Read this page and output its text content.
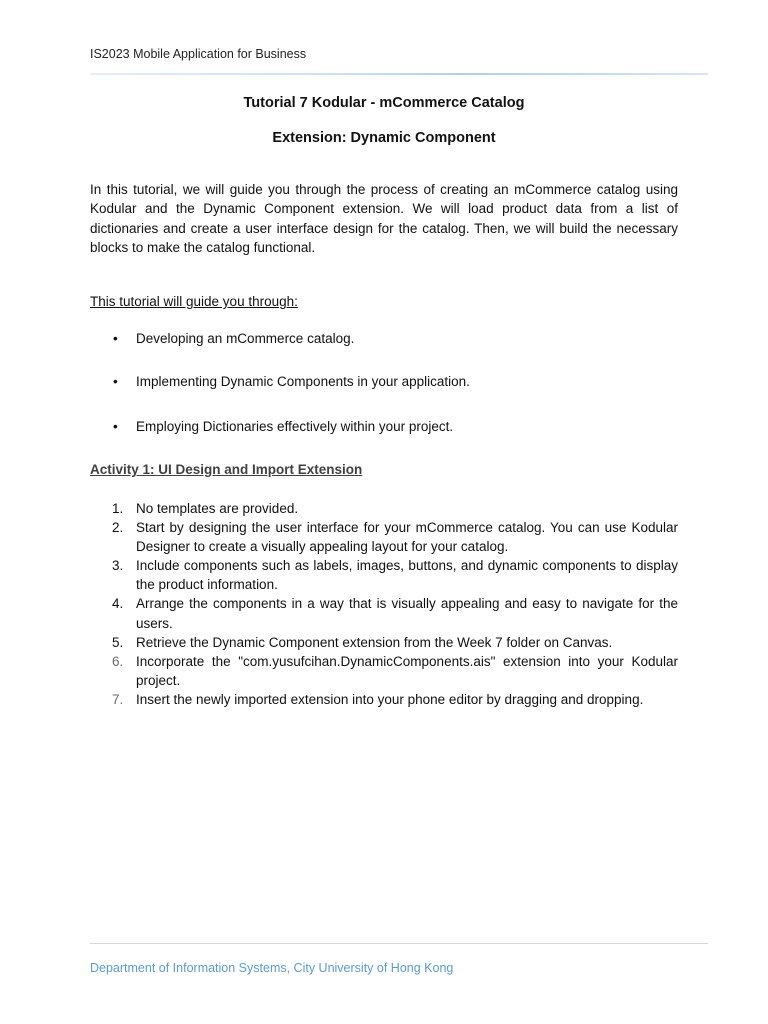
IS2023 Mobile Application for Business
Tutorial 7 Kodular - mCommerce Catalog
Extension: Dynamic Component
In this tutorial, we will guide you through the process of creating an mCommerce catalog using Kodular and the Dynamic Component extension. We will load product data from a list of dictionaries and create a user interface design for the catalog. Then, we will build the necessary blocks to make the catalog functional.
This tutorial will guide you through:
• Developing an mCommerce catalog.
• Implementing Dynamic Components in your application.
• Employing Dictionaries effectively within your project.
Activity 1: UI Design and Import Extension
1. No templates are provided.
2. Start by designing the user interface for your mCommerce catalog. You can use Kodular Designer to create a visually appealing layout for your catalog.
3. Include components such as labels, images, buttons, and dynamic components to display the product information.
4. Arrange the components in a way that is visually appealing and easy to navigate for the users.
5. Retrieve the Dynamic Component extension from the Week 7 folder on Canvas.
6. Incorporate the "com.yusufcihan.DynamicComponents.ais" extension into your Kodular project.
7. Insert the newly imported extension into your phone editor by dragging and dropping.
Department of Information Systems, City University of Hong Kong
